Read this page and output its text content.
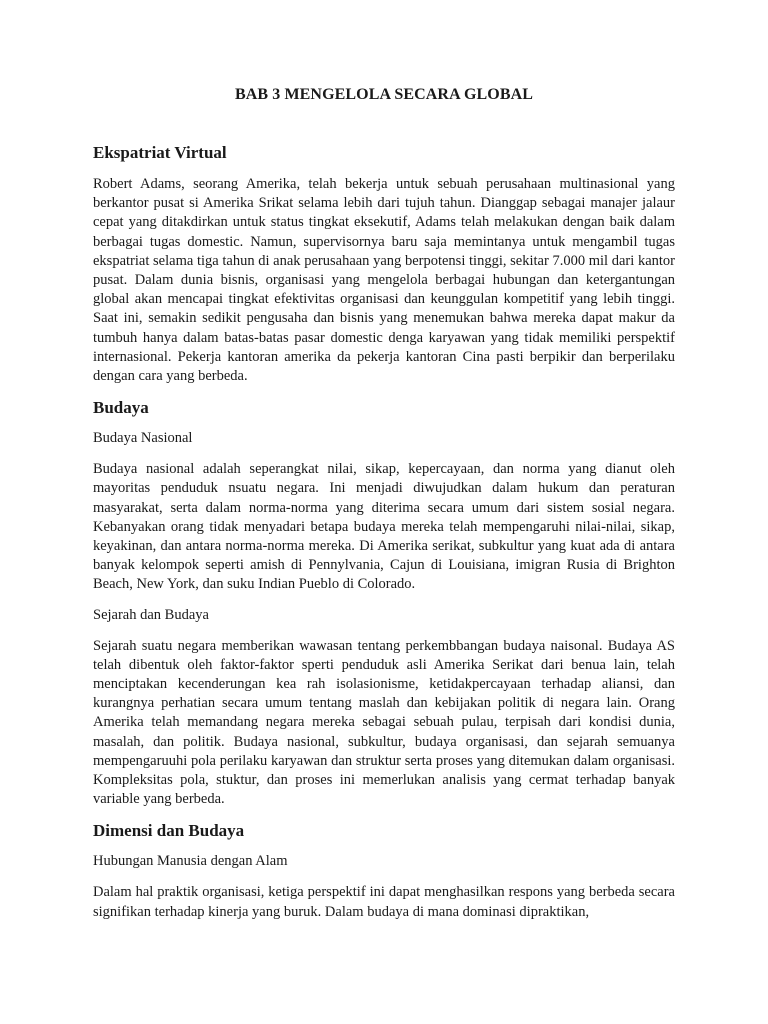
BAB 3 MENGELOLA SECARA GLOBAL
Ekspatriat Virtual

Robert Adams, seorang Amerika, telah bekerja untuk sebuah perusahaan multinasional yang berkantor pusat si Amerika Srikat selama lebih dari tujuh tahun. Dianggap sebagai manajer jalaur cepat yang ditakdirkan untuk status tingkat eksekutif, Adams telah melakukan dengan baik dalam berbagai tugas domestic. Namun, supervisornya baru saja memintanya untuk mengambil tugas ekspatriat selama tiga tahun di anak perusahaan yang berpotensi tinggi, sekitar 7.000 mil dari kantor pusat. Dalam dunia bisnis, organisasi yang mengelola berbagai hubungan dan ketergantungan global akan mencapai tingkat efektivitas organisasi dan keunggulan kompetitif yang lebih tinggi. Saat ini, semakin sedikit pengusaha dan bisnis yang menemukan bahwa mereka dapat makur da tumbuh hanya dalam batas-batas pasar domestic denga karyawan yang tidak memiliki perspektif internasional. Pekerja kantoran amerika da pekerja kantoran Cina pasti berpikir dan berperilaku dengan cara yang berbeda.

Budaya

Budaya Nasional

Budaya nasional adalah seperangkat nilai, sikap, kepercayaan, dan norma yang dianut oleh mayoritas penduduk nsuatu negara. Ini menjadi diwujudkan dalam hukum dan peraturan masyarakat, serta dalam norma-norma yang diterima secara umum dari sistem sosial negara. Kebanyakan orang tidak menyadari betapa budaya mereka telah mempengaruhi nilai-nilai, sikap, keyakinan, dan antara norma-norma mereka. Di Amerika serikat, subkultur yang kuat ada di antara banyak kelompok seperti amish di Pennylvania, Cajun di Louisiana, imigran Rusia di Brighton Beach, New York, dan suku Indian Pueblo di Colorado.

Sejarah dan Budaya

Sejarah suatu negara memberikan wawasan tentang perkembbangan budaya naisonal. Budaya AS telah dibentuk oleh faktor-faktor sperti penduduk asli Amerika Serikat dari benua lain, telah menciptakan kecenderungan kea rah isolasionisme, ketidakpercayaan terhadap aliansi, dan kurangnya perhatian secara umum tentang maslah dan kebijakan politik di negara lain. Orang Amerika telah memandang negara mereka sebagai sebuah pulau, terpisah dari kondisi dunia, masalah, dan politik. Budaya nasional, subkultur, budaya organisasi, dan sejarah semuanya mempengaruuhi pola perilaku karyawan dan struktur serta proses yang ditemukan dalam organisasi. Kompleksitas pola, stuktur, dan proses ini memerlukan analisis yang cermat terhadap banyak variable yang berbeda.

Dimensi dan Budaya

Hubungan Manusia dengan Alam

Dalam hal praktik organisasi, ketiga perspektif ini dapat menghasilkan respons yang berbeda secara signifikan terhadap kinerja yang buruk. Dalam budaya di mana dominasi dipraktikan,
